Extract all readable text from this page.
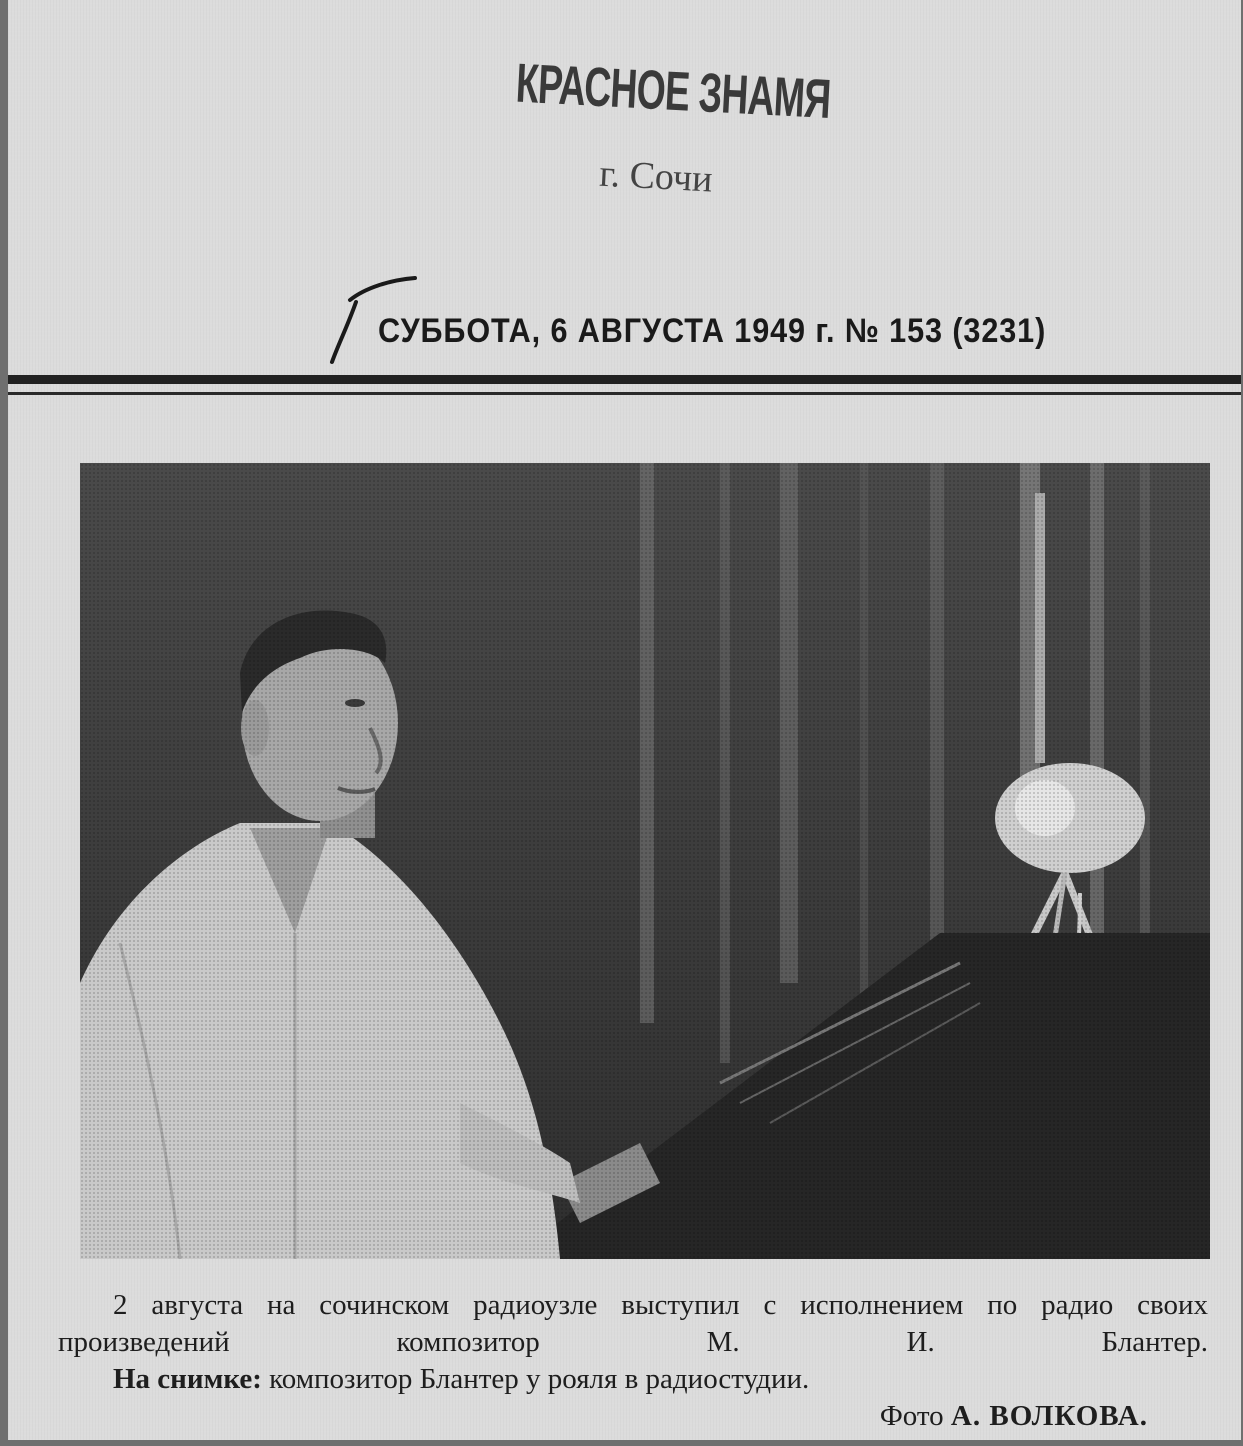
КРАСНОЕ ЗНАМЯ
г. Сочи
СУББОТА, 6 АВГУСТА 1949 г. № 153 (3231)

2 августа на сочинском радиоузле выступил с исполнением по радио своих произведений композитор М. И. Блантер.

На снимке: композитор Блантер у рояля в радиостудии.

Фото А. ВОЛКОВА.
